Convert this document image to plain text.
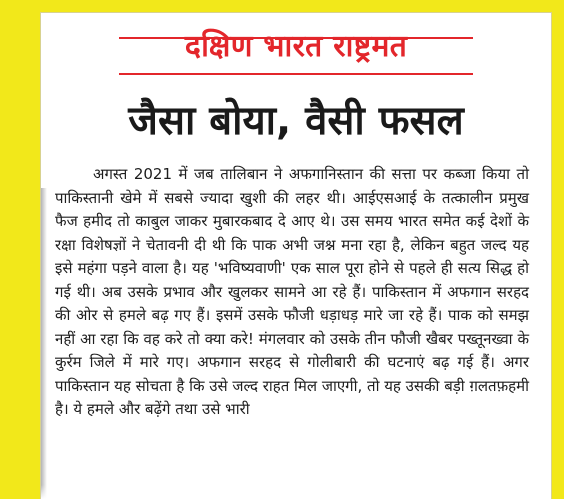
दक्षिण भारत राष्ट्रमत
जैसा बोया, वैसी फसल

अगस्त 2021 में जब तालिबान ने अफगानिस्तान की सत्ता पर कब्जा किया तो पाकिस्तानी खेमे में सबसे ज्यादा खुशी की लहर थी। आईएसआई के तत्कालीन प्रमुख फैज हमीद तो काबुल जाकर मुबारकबाद दे आए थे। उस समय भारत समेत कई देशों के रक्षा विशेषज्ञों ने चेतावनी दी थी कि पाक अभी जश्न मना रहा है, लेकिन बहुत जल्द यह इसे महंगा पड़ने वाला है। यह 'भविष्यवाणी' एक साल पूरा होने से पहले ही सत्य सिद्ध हो गई थी। अब उसके प्रभाव और खुलकर सामने आ रहे हैं। पाकिस्तान में अफगान सरहद की ओर से हमले बढ़ गए हैं। इसमें उसके फौजी धड़ाधड़ मारे जा रहे हैं। पाक को समझ नहीं आ रहा कि वह करे तो क्या करे! मंगलवार को उसके तीन फौजी खैबर पख्तूनख्वा के कुर्रम जिले में मारे गए। अफगान सरहद से गोलीबारी की घटनाएं बढ़ गई हैं। अगर पाकिस्तान यह सोचता है कि उसे जल्द राहत मिल जाएगी, तो यह उसकी बड़ी ग़लतफ़हमी है। ये हमले और बढ़ेंगे तथा उसे भारी
